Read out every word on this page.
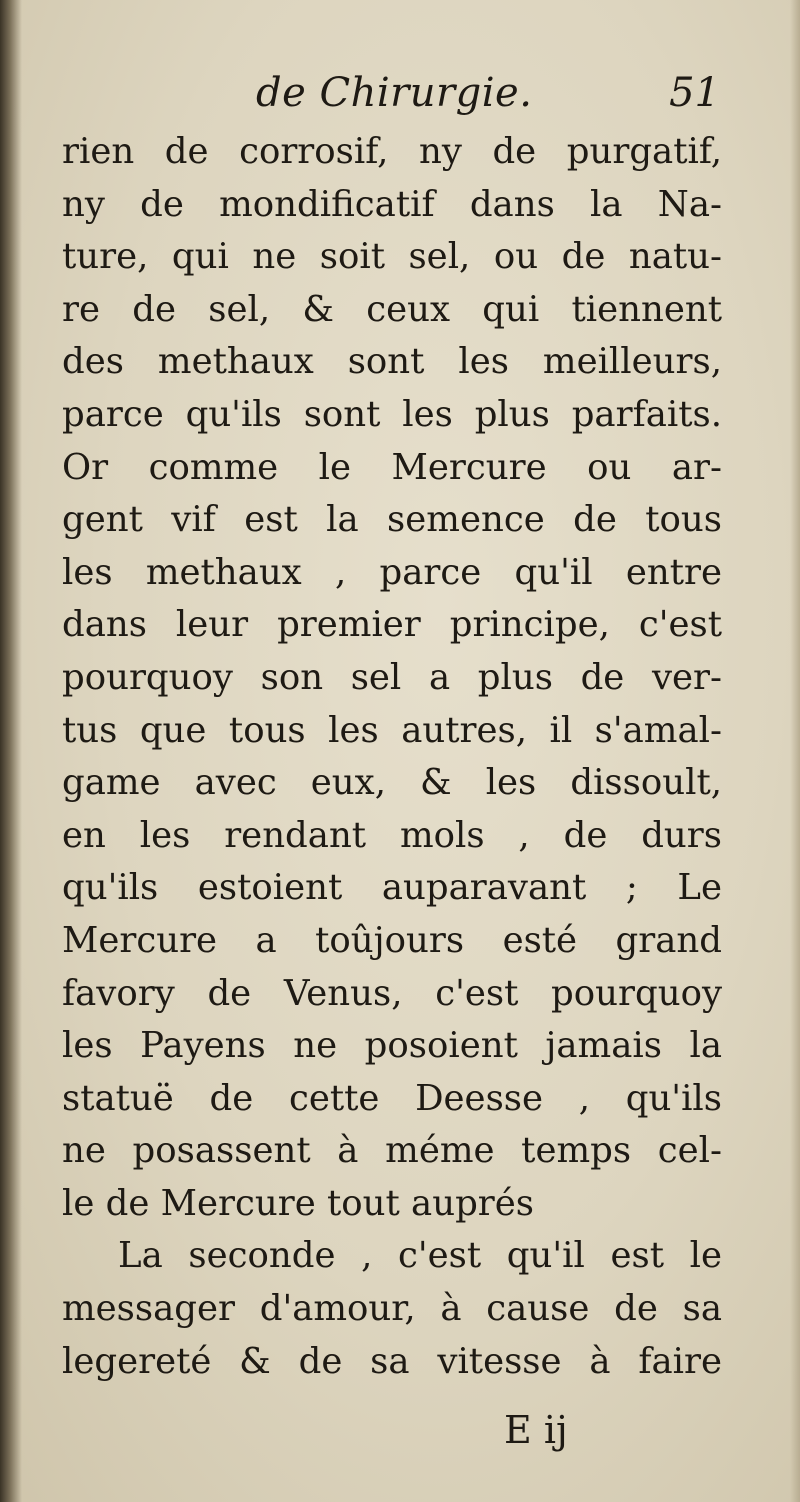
de Chirurgie.	51
rien de corrosif, ny de purgatif,
ny de mondificatif dans la Na-
ture, qui ne soit sel, ou de natu-
re de sel, & ceux qui tiennent
des methaux sont les meilleurs,
parce qu'ils sont les plus parfaits.
Or comme le Mercure ou ar-
gent vif est la semence de tous
les methaux , parce qu'il entre
dans leur premier principe, c'est
pourquoy son sel a plus de ver-
tus que tous les autres, il s'amal-
game avec eux, & les dissoult,
en les rendant mols , de durs
qu'ils estoient auparavant ; Le
Mercure a toûjours esté grand
favory de Venus, c'est pourquoy
les Payens ne posoient jamais la
statuë de cette Deesse , qu'ils
ne posassent à méme temps cel-
le de Mercure tout auprés
La seconde , c'est qu'il est le
messager d'amour, à cause de sa
legereté & de sa vitesse à faire
E ij
